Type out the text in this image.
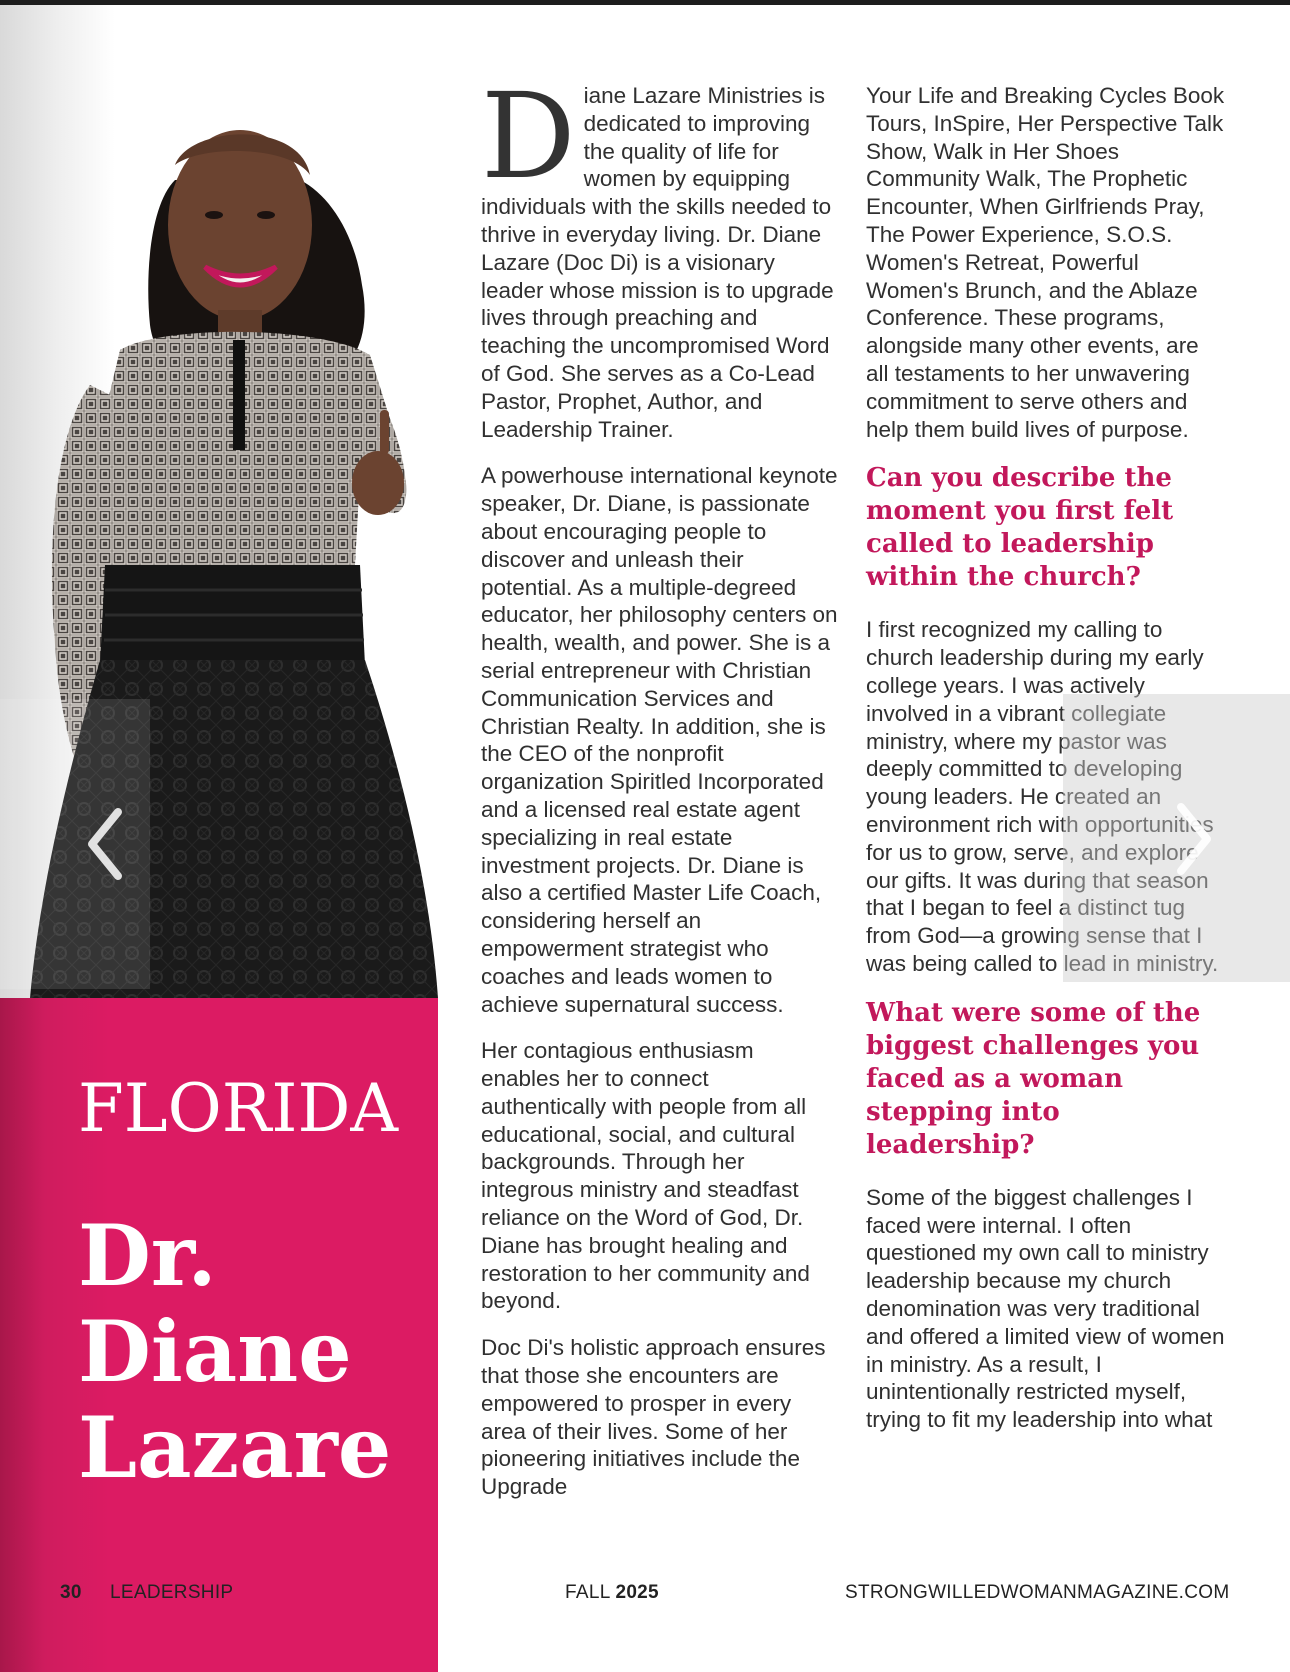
FLORIDA
Dr.
Diane
Lazare

Diane Lazare Ministries is dedicated to improving the quality of life for women by equipping individuals with the skills needed to thrive in everyday living. Dr. Diane Lazare (Doc Di) is a visionary leader whose mission is to upgrade lives through preaching and teaching the uncompromised Word of God. She serves as a Co-Lead Pastor, Prophet, Author, and Leadership Trainer.

A powerhouse international keynote speaker, Dr. Diane, is passionate about encouraging people to discover and unleash their potential. As a multiple-degreed educator, her philosophy centers on health, wealth, and power. She is a serial entrepreneur with Christian Communication Services and Christian Realty. In addition, she is the CEO of the nonprofit organization Spiritled Incorporated and a licensed real estate agent specializing in real estate investment projects. Dr. Diane is also a certified Master Life Coach, considering herself an empowerment strategist who coaches and leads women to achieve supernatural success.

Her contagious enthusiasm enables her to connect authentically with people from all educational, social, and cultural backgrounds. Through her integrous ministry and steadfast reliance on the Word of God, Dr. Diane has brought healing and restoration to her community and beyond.

Doc Di's holistic approach ensures that those she encounters are empowered to prosper in every area of their lives. Some of her pioneering initiatives include the Upgrade

Your Life and Breaking Cycles Book Tours, InSpire, Her Perspective Talk Show, Walk in Her Shoes Community Walk, The Prophetic Encounter, When Girlfriends Pray, The Power Experience, S.O.S. Women's Retreat, Powerful Women's Brunch, and the Ablaze Conference. These programs, alongside many other events, are all testaments to her unwavering commitment to serve others and help them build lives of purpose.

Can you describe the moment you first felt called to leadership within the church?

I first recognized my calling to church leadership during my early college years. I was actively involved in a vibrant collegiate ministry, where my pastor was deeply committed to developing young leaders. He created an environment rich with opportunities for us to grow, serve, and explore our gifts. It was during that season that I began to feel a distinct tug from God—a growing sense that I was being called to lead in ministry.

What were some of the biggest challenges you faced as a woman stepping into leadership?

Some of the biggest challenges I faced were internal. I often questioned my own call to ministry leadership because my church denomination was very traditional and offered a limited view of women in ministry. As a result, I unintentionally restricted myself, trying to fit my leadership into what

30 LEADERSHIP	FALL 2025	STRONGWILLEDWOMANMAGAZINE.COM
